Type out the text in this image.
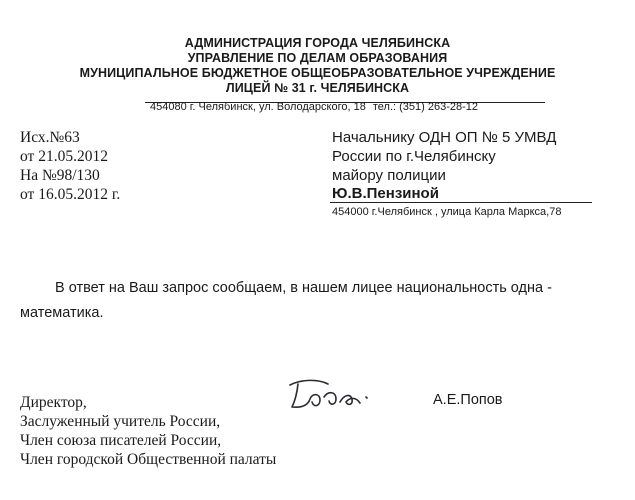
АДМИНИСТРАЦИЯ ГОРОДА ЧЕЛЯБИНСКА
УПРАВЛЕНИЕ ПО ДЕЛАМ ОБРАЗОВАНИЯ
МУНИЦИПАЛЬНОЕ БЮДЖЕТНОЕ ОБЩЕОБРАЗОВАТЕЛЬНОЕ УЧРЕЖДЕНИЕ
ЛИЦЕЙ № 31 г. ЧЕЛЯБИНСКА
454080 г. Челябинск, ул. Володарского, 18 тел.: (351) 263-28-12
Исх.№63
от 21.05.2012
На №98/130
от 16.05.2012 г.
Начальнику ОДН ОП № 5 УМВД
России по г.Челябинску
майору полиции
Ю.В.Пензиной
454000 г.Челябинск , улица Карла Маркса,78
В ответ на Ваш запрос сообщаем, в нашем лицее национальность одна -
математика.
Директор,
Заслуженный учитель России,
Член союза писателей России,
Член городской Общественной палаты
А.Е.Попов
